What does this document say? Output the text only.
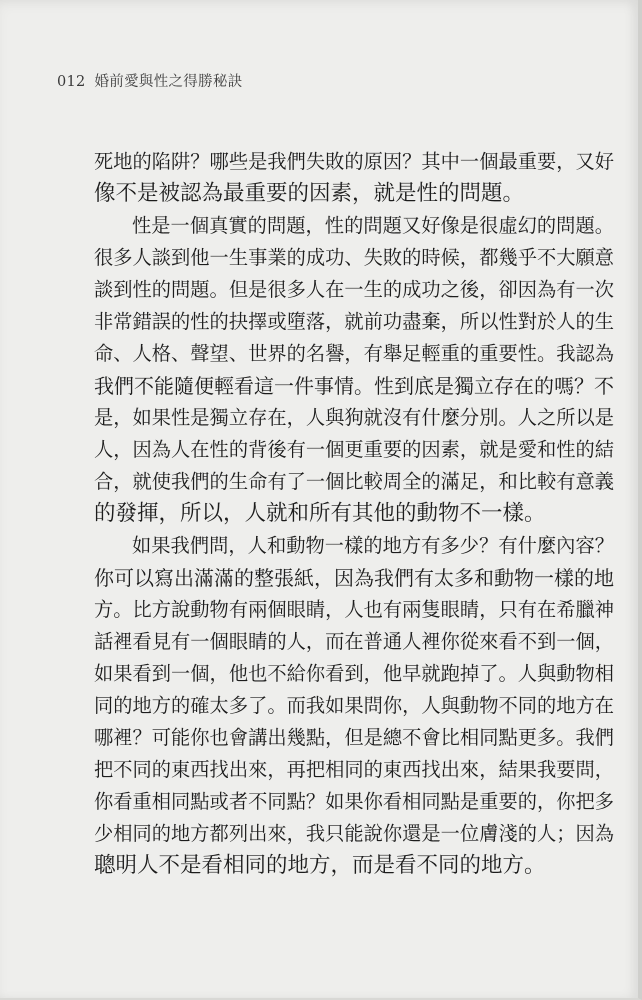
012 婚前愛與性之得勝秘訣
死地的陷阱？哪些是我們失敗的原因？其中一個最重要，又好
像不是被認為最重要的因素，就是性的問題。
性是一個真實的問題，性的問題又好像是很虛幻的問題。
很多人談到他一生事業的成功、失敗的時候，都幾乎不大願意
談到性的問題。但是很多人在一生的成功之後，卻因為有一次
非常錯誤的性的抉擇或墮落，就前功盡棄，所以性對於人的生
命、人格、聲望、世界的名譽，有舉足輕重的重要性。我認為
我們不能隨便輕看這一件事情。性到底是獨立存在的嗎？不
是，如果性是獨立存在，人與狗就沒有什麼分別。人之所以是
人，因為人在性的背後有一個更重要的因素，就是愛和性的結
合，就使我們的生命有了一個比較周全的滿足，和比較有意義
的發揮，所以，人就和所有其他的動物不一樣。
如果我們問，人和動物一樣的地方有多少？有什麼內容？
你可以寫出滿滿的整張紙，因為我們有太多和動物一樣的地
方。比方說動物有兩個眼睛，人也有兩隻眼睛，只有在希臘神
話裡看見有一個眼睛的人，而在普通人裡你從來看不到一個，
如果看到一個，他也不給你看到，他早就跑掉了。人與動物相
同的地方的確太多了。而我如果問你，人與動物不同的地方在
哪裡？可能你也會講出幾點，但是總不會比相同點更多。我們
把不同的東西找出來，再把相同的東西找出來，結果我要問，
你看重相同點或者不同點？如果你看相同點是重要的，你把多
少相同的地方都列出來，我只能說你還是一位膚淺的人；因為
聰明人不是看相同的地方，而是看不同的地方。
